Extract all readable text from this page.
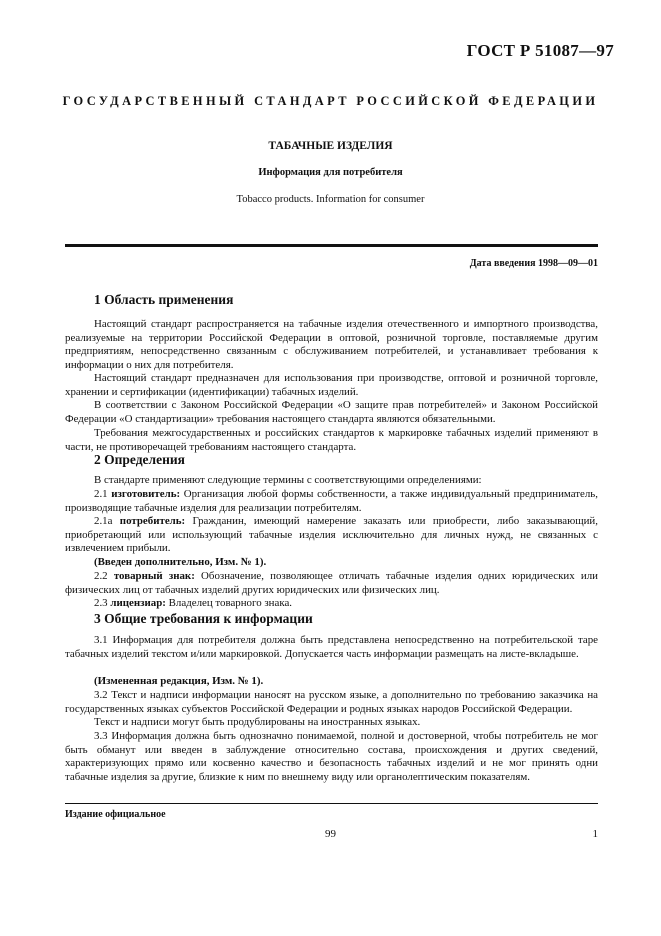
ГОСТ Р 51087—97
ГОСУДАРСТВЕННЫЙ СТАНДАРТ РОССИЙСКОЙ ФЕДЕРАЦИИ
ТАБАЧНЫЕ ИЗДЕЛИЯ
Информация для потребителя
Tobacco products. Information for consumer
Дата введения 1998—09—01
1 Область применения
Настоящий стандарт распространяется на табачные изделия отечественного и импортного производства, реализуемые на территории Российской Федерации в оптовой, розничной торговле, поставляемые другим предприятиям, непосредственно связанным с обслуживанием потребителей, и устанавливает требования к информации о них для потребителя.
Настоящий стандарт предназначен для использования при производстве, оптовой и розничной торговле, хранении и сертификации (идентификации) табачных изделий.
В соответствии с Законом Российской Федерации «О защите прав потребителей» и Законом Российской Федерации «О стандартизации» требования настоящего стандарта являются обязательными.
Требования межгосударственных и российских стандартов к маркировке табачных изделий применяют в части, не противоречащей требованиям настоящего стандарта.
2 Определения
В стандарте применяют следующие термины с соответствующими определениями:
2.1 изготовитель: Организация любой формы собственности, а также индивидуальный предприниматель, производящие табачные изделия для реализации потребителям.
2.1а потребитель: Гражданин, имеющий намерение заказать или приобрести, либо заказывающий, приобретающий или использующий табачные изделия исключительно для личных нужд, не связанных с извлечением прибыли.
(Введен дополнительно, Изм. № 1).
2.2 товарный знак: Обозначение, позволяющее отличать табачные изделия одних юридических или физических лиц от табачных изделий других юридических или физических лиц.
2.3 лицензиар: Владелец товарного знака.
3 Общие требования к информации
3.1 Информация для потребителя должна быть представлена непосредственно на потребительской таре табачных изделий текстом и/или маркировкой. Допускается часть информации размещать на листе-вкладыше.
(Измененная редакция, Изм. № 1).
3.2 Текст и надписи информации наносят на русском языке, а дополнительно по требованию заказчика на государственных языках субъектов Российской Федерации и родных языках народов Российской Федерации.
Текст и надписи могут быть продублированы на иностранных языках.
3.3 Информация должна быть однозначно понимаемой, полной и достоверной, чтобы потребитель не мог быть обманут или введен в заблуждение относительно состава, происхождения и других сведений, характеризующих прямо или косвенно качество и безопасность табачных изделий и не мог принять одни табачные изделия за другие, близкие к ним по внешнему виду или органолептическим показателям.
Издание официальное
99	1
